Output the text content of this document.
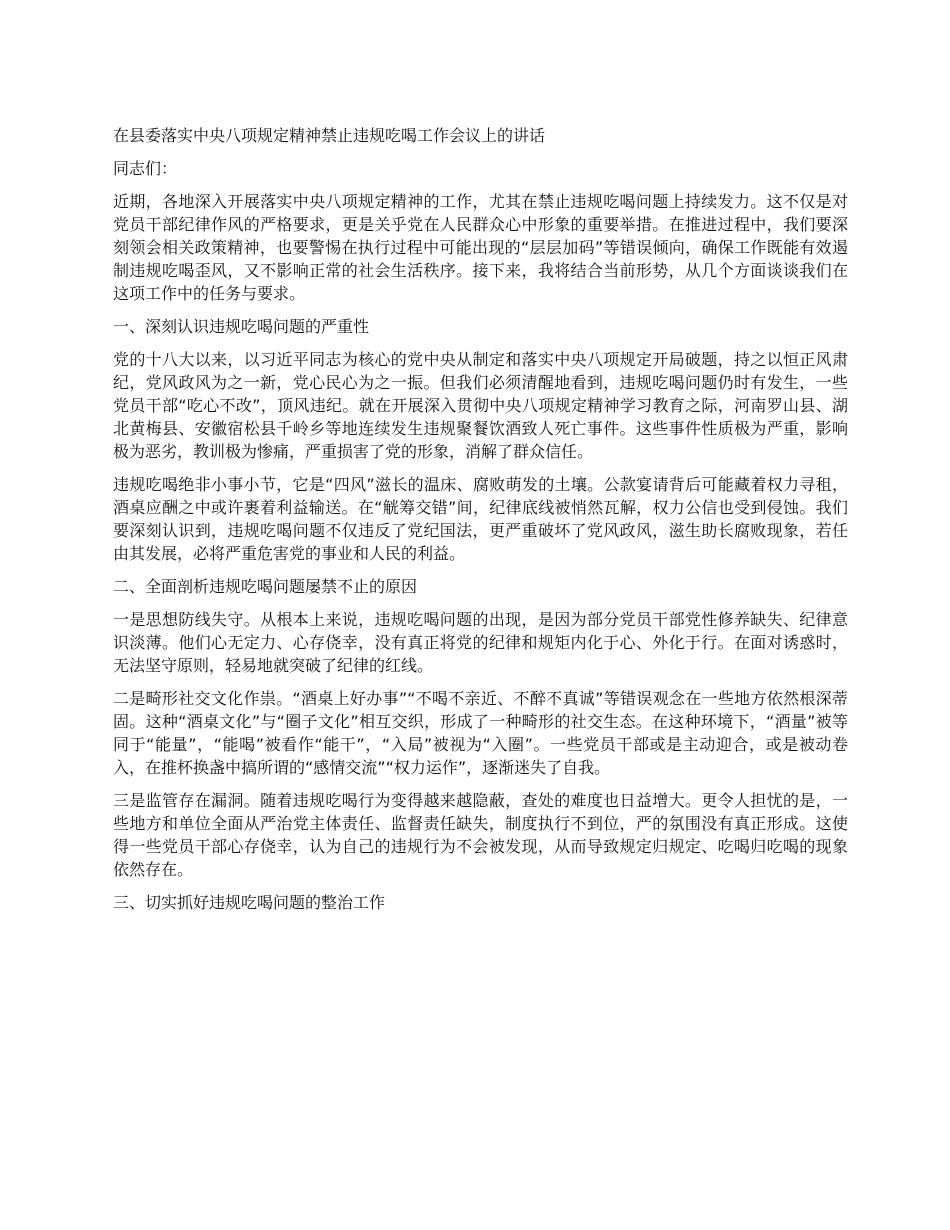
在县委落实中央八项规定精神禁止违规吃喝工作会议上的讲话

同志们：

近期，各地深入开展落实中央八项规定精神的工作，尤其在禁止违规吃喝问题上持续发力。这不仅是对党员干部纪律作风的严格要求，更是关乎党在人民群众心中形象的重要举措。在推进过程中，我们要深刻领会相关政策精神，也要警惕在执行过程中可能出现的“层层加码”等错误倾向，确保工作既能有效遏制违规吃喝歪风，又不影响正常的社会生活秩序。接下来，我将结合当前形势，从几个方面谈谈我们在这项工作中的任务与要求。

一、深刻认识违规吃喝问题的严重性

党的十八大以来，以习近平同志为核心的党中央从制定和落实中央八项规定开局破题，持之以恒正风肃纪，党风政风为之一新，党心民心为之一振。但我们必须清醒地看到，违规吃喝问题仍时有发生，一些党员干部“吃心不改”，顶风违纪。就在开展深入贯彻中央八项规定精神学习教育之际，河南罗山县、湖北黄梅县、安徽宿松县千岭乡等地连续发生违规聚餐饮酒致人死亡事件。这些事件性质极为严重，影响极为恶劣，教训极为惨痛，严重损害了党的形象，消解了群众信任。

违规吃喝绝非小事小节，它是“四风”滋长的温床、腐败萌发的土壤。公款宴请背后可能藏着权力寻租，酒桌应酬之中或许裹着利益输送。在“觥筹交错”间，纪律底线被悄然瓦解，权力公信也受到侵蚀。我们要深刻认识到，违规吃喝问题不仅违反了党纪国法，更严重破坏了党风政风，滋生助长腐败现象，若任由其发展，必将严重危害党的事业和人民的利益。

二、全面剖析违规吃喝问题屡禁不止的原因

一是思想防线失守。从根本上来说，违规吃喝问题的出现，是因为部分党员干部党性修养缺失、纪律意识淡薄。他们心无定力、心存侥幸，没有真正将党的纪律和规矩内化于心、外化于行。在面对诱惑时，无法坚守原则，轻易地就突破了纪律的红线。

二是畸形社交文化作祟。“酒桌上好办事”“不喝不亲近、不醉不真诚”等错误观念在一些地方依然根深蒂固。这种“酒桌文化”与“圈子文化”相互交织，形成了一种畸形的社交生态。在这种环境下，“酒量”被等同于“能量”，“能喝”被看作“能干”，“入局”被视为“入圈”。一些党员干部或是主动迎合，或是被动卷入，在推杯换盏中搞所谓的“感情交流”“权力运作”，逐渐迷失了自我。

三是监管存在漏洞。随着违规吃喝行为变得越来越隐蔽，查处的难度也日益增大。更令人担忧的是，一些地方和单位全面从严治党主体责任、监督责任缺失，制度执行不到位，严的氛围没有真正形成。这使得一些党员干部心存侥幸，认为自己的违规行为不会被发现，从而导致规定归规定、吃喝归吃喝的现象依然存在。

三、切实抓好违规吃喝问题的整治工作
